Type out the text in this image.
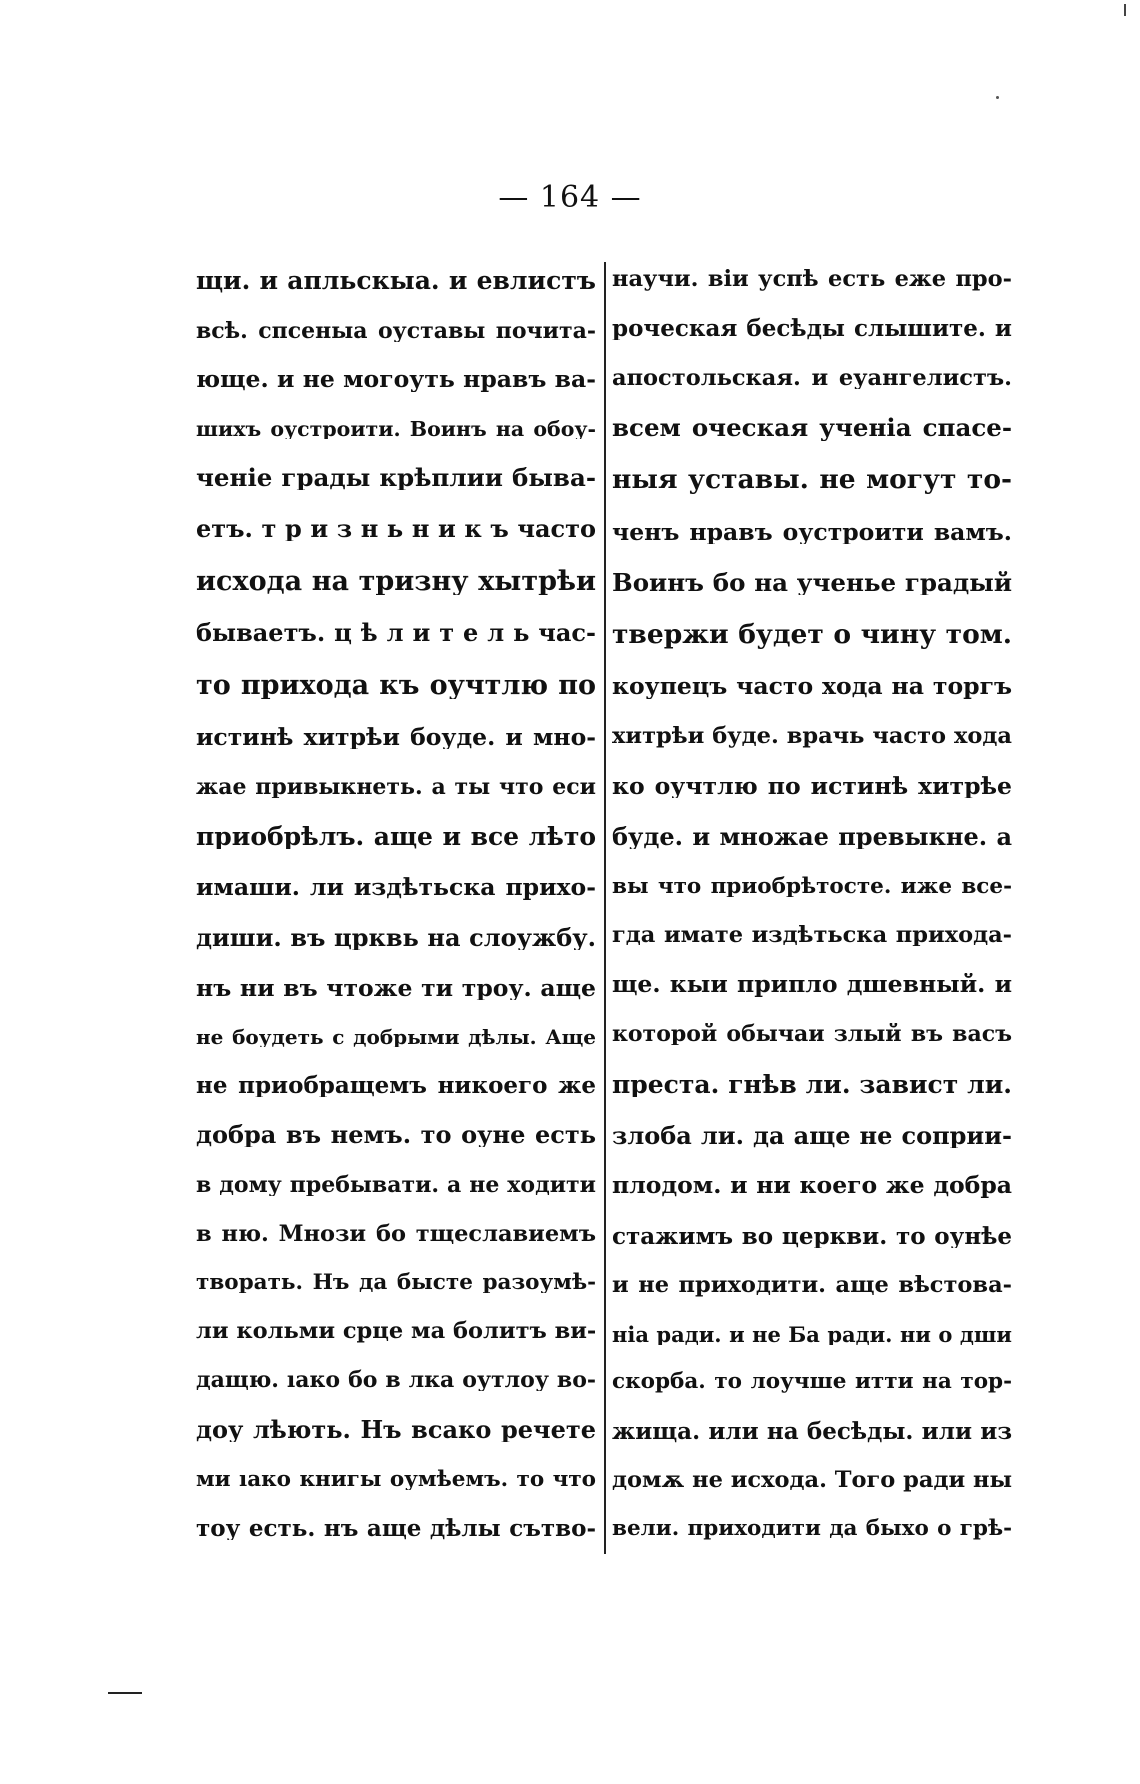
— 164 —
щи. и апльскыа. и евлистъ
всѣ. спсеныа оуставы почита-
юще. и не могоуть нравъ ва-
шихъ оустроити. Воинъ на обоу-
ченіе грады крѣплии быва-
етъ. т р и з н ь н и к ъ часто
исхода на тризну хытрѣи
бываетъ. ц ѣ л и т е л ь час-
то прихода къ оучтлю по
истинѣ хитрѣи боуде. и мно-
жае привыкнеть. а ты что еси
приобрѣлъ. аще и все лѣто
имаши. ли издѣтьска прихо-
диши. въ црквь на слоужбу.
нъ ни въ чтоже ти троу. аще
не боудеть с добрыми дѣлы. Аще
не приобращемъ никоего же
добра въ немъ. то оуне есть
в дому пребывати. а не ходити
в ню. Мнози бо тщеславиемъ
творать. Нъ да быcте разоумѣ-
ли кольми срце ма болитъ ви-
дащю. ıако бо в лка оутлоу во-
доу лѣють. Нъ всако речете
ми ıако книгы оумѣемъ. то что
тоу есть. нъ аще дѣлы сътво-
научи. віи успѣ есть еже про-
роческая бесѣды слышите. и
апостольская. и еуангелистъ.
всем оческая ученіа спасе-
ныя уставы. не могут то-
ченъ нравъ оустроити вамъ.
Воинъ бо на ученье градый
твержи будет о чину том.
коупецъ часто хода на торгъ
хитрѣи буде. врачь часто хода
ко оучтлю по истинѣ хитрѣе
буде. и множае превыкне. а
вы что приобрѣтосте. иже все-
гда имате издѣтьска прихода-
ще. кыи припло дшевный. и
которой обычаи злый въ васъ
преста. гнѣв ли. завист ли.
злоба ли. да аще не соприи-
плодом. и ни коего же добра
стажимъ во церкви. то оунѣе
и не приходити. аще вѣстова-
ніа ради. и не Ба ради. ни о дши
скорба. то лоучше итти на тор-
жища. или на бесѣды. или из
домѫ не исхода. Того ради ны
вели. приходити да быхо о грѣ-
